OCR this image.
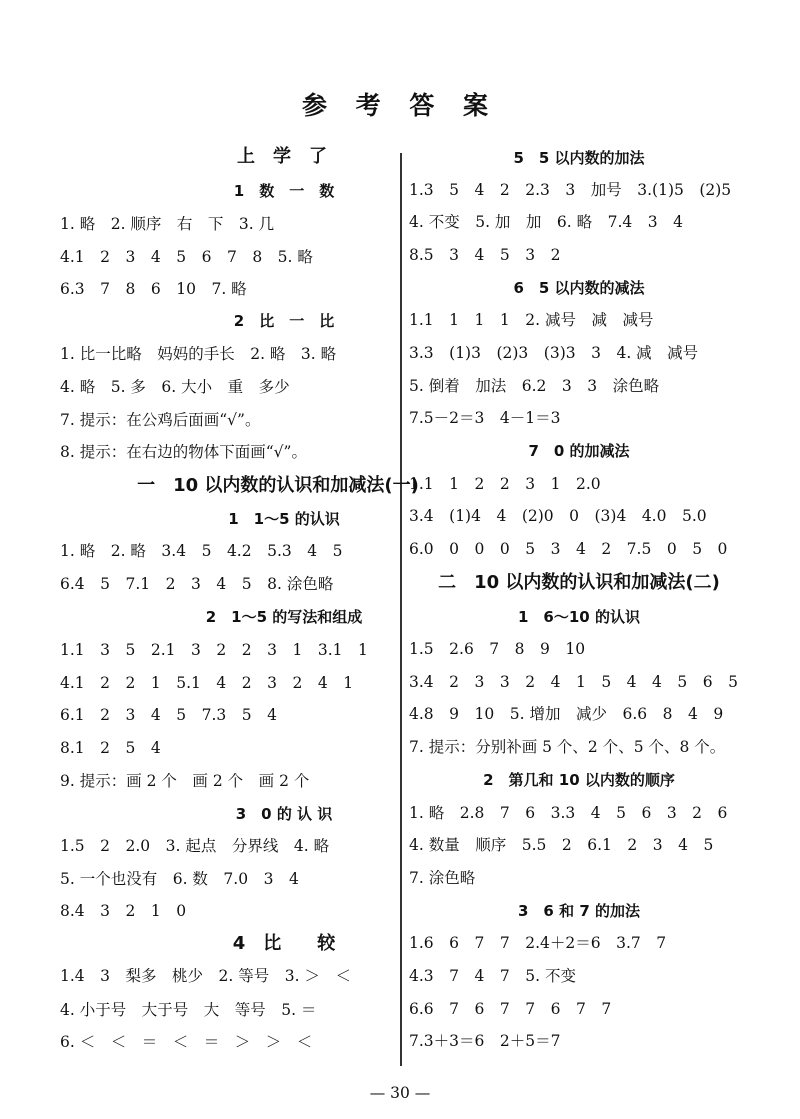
参 考 答 案
上　学　了
1　数　一　数
1. 略　2. 顺序　右　下　3. 几
4.1　2　3　4　5　6　7　8　5. 略
6.3　7　8　6　10　7. 略
2　比　一　比
1. 比一比略　妈妈的手长　2. 略　3. 略
4. 略　5. 多　6. 大小　重　多少
7. 提示：在公鸡后面画“√”。
8. 提示：在右边的物体下面画“√”。
一　10 以内数的认识和加减法(一)
1　1～5 的认识
1. 略　2. 略　3.4　5　4.2　5.3　4　5
6.4　5　7.1　2　3　4　5　8. 涂色略
2　1～5 的写法和组成
1.1　3　5　2.1　3　2　2　3　1　3.1　1
4.1　2　2　1　5.1　4　2　3　2　4　1
6.1　2　3　4　5　7.3　5　4
8.1　2　5　4
9. 提示：画 2 个　画 2 个　画 2 个
3　0 的 认 识
1.5　2　2.0　3. 起点　分界线　4. 略
5. 一个也没有　6. 数　7.0　3　4
8.4　3　2　1　0
4　比　　较
1.4　3　梨多　桃少　2. 等号　3. ＞　＜
4. 小于号　大于号　大　等号　5. ＝
6. ＜　＜　＝　＜　＝　＞　＞　＜
5　5 以内数的加法
1.3　5　4　2　2.3　3　加号　3.(1)5　(2)5
4. 不变　5. 加　加　6. 略　7.4　3　4
8.5　3　4　5　3　2
6　5 以内数的减法
1.1　1　1　1　2. 减号　减　减号
3.3　(1)3　(2)3　(3)3　3　4. 减　减号
5. 倒着　加法　6.2　3　3　涂色略
7.5－2＝3　4－1＝3
7　0 的加减法
1.1　1　2　2　3　1　2.0
3.4　(1)4　4　(2)0　0　(3)4　4.0　5.0
6.0　0　0　0　5　3　4　2　7.5　0　5　0
二　10 以内数的认识和加减法(二)
1　6～10 的认识
1.5　2.6　7　8　9　10
3.4　2　3　3　2　4　1　5　4　4　5　6　5
4.8　9　10　5. 增加　减少　6.6　8　4　9
7. 提示：分别补画 5 个、2 个、5 个、8 个。
2　第几和 10 以内数的顺序
1. 略　2.8　7　6　3.3　4　5　6　3　2　6
4. 数量　顺序　5.5　2　6.1　2　3　4　5
7. 涂色略
3　6 和 7 的加法
1.6　6　7　7　2.4＋2＝6　3.7　7
4.3　7　4　7　5. 不变
6.6　7　6　7　7　6　7　7
7.3＋3＝6　2＋5＝7
— 30 —
